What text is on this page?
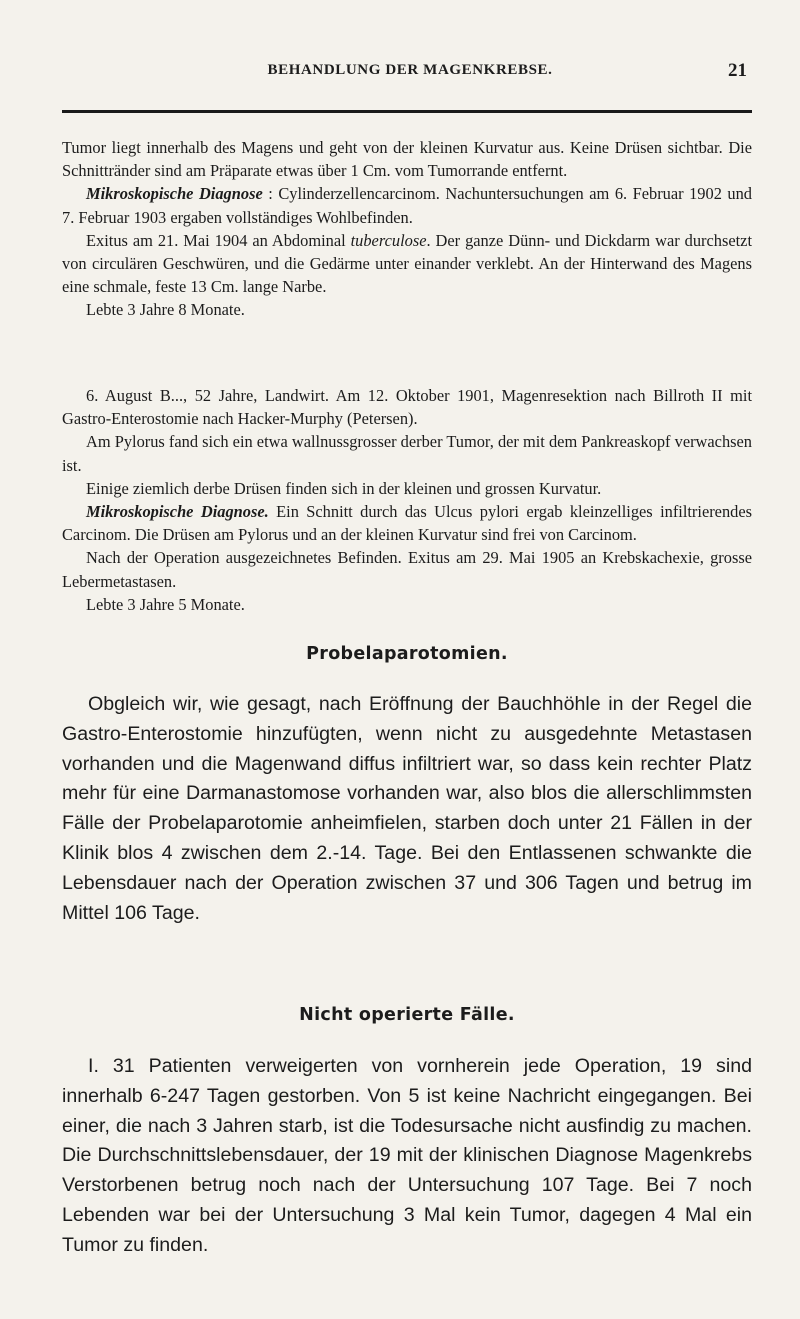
BEHANDLUNG DER MAGENKREBSE.	21

Tumor liegt innerhalb des Magens und geht von der kleinen Kurvatur aus. Keine Drüsen sichtbar. Die Schnittränder sind am Präparate etwas über 1 Cm. vom Tumorrande entfernt.

Mikroskopische Diagnose : Cylinderzellencarcinom. Nachuntersuchungen am 6. Februar 1902 und 7. Februar 1903 ergaben vollständiges Wohlbefinden.

Exitus am 21. Mai 1904 an Abdominal tuberculose. Der ganze Dünn- und Dickdarm war durchsetzt von circulären Geschwüren, und die Gedärme unter einander verklebt. An der Hinterwand des Magens eine schmale, feste 13 Cm. lange Narbe.

Lebte 3 Jahre 8 Monate.

6. August B..., 52 Jahre, Landwirt. Am 12. Oktober 1901, Magenresektion nach Billroth II mit Gastro-Enterostomie nach Hacker-Murphy (Petersen).

Am Pylorus fand sich ein etwa wallnussgrosser derber Tumor, der mit dem Pankreaskopf verwachsen ist.

Einige ziemlich derbe Drüsen finden sich in der kleinen und grossen Kurvatur.

Mikroskopische Diagnose. Ein Schnitt durch das Ulcus pylori ergab kleinzelliges infiltrierendes Carcinom. Die Drüsen am Pylorus und an der kleinen Kurvatur sind frei von Carcinom.

Nach der Operation ausgezeichnetes Befinden. Exitus am 29. Mai 1905 an Krebskachexie, grosse Lebermetastasen.

Lebte 3 Jahre 5 Monate.

Probelaparotomien.

Obgleich wir, wie gesagt, nach Eröffnung der Bauchhöhle in der Regel die Gastro-Enterostomie hinzufügten, wenn nicht zu ausgedehnte Metastasen vorhanden und die Magenwand diffus infiltriert war, so dass kein rechter Platz mehr für eine Darmanastomose vorhanden war, also blos die allerschlimmsten Fälle der Probelaparotomie anheimfielen, starben doch unter 21 Fällen in der Klinik blos 4 zwischen dem 2.-14. Tage. Bei den Entlassenen schwankte die Lebensdauer nach der Operation zwischen 37 und 306 Tagen und betrug im Mittel 106 Tage.

Nicht operierte Fälle.

I. 31 Patienten verweigerten von vornherein jede Operation, 19 sind innerhalb 6-247 Tagen gestorben. Von 5 ist keine Nachricht eingegangen. Bei einer, die nach 3 Jahren starb, ist die Todesursache nicht ausfindig zu machen. Die Durchschnittslebensdauer, der 19 mit der klinischen Diagnose Magenkrebs Verstorbenen betrug noch nach der Untersuchung 107 Tage. Bei 7 noch Lebenden war bei der Untersuchung 3 Mal kein Tumor, dagegen 4 Mal ein Tumor zu finden.
